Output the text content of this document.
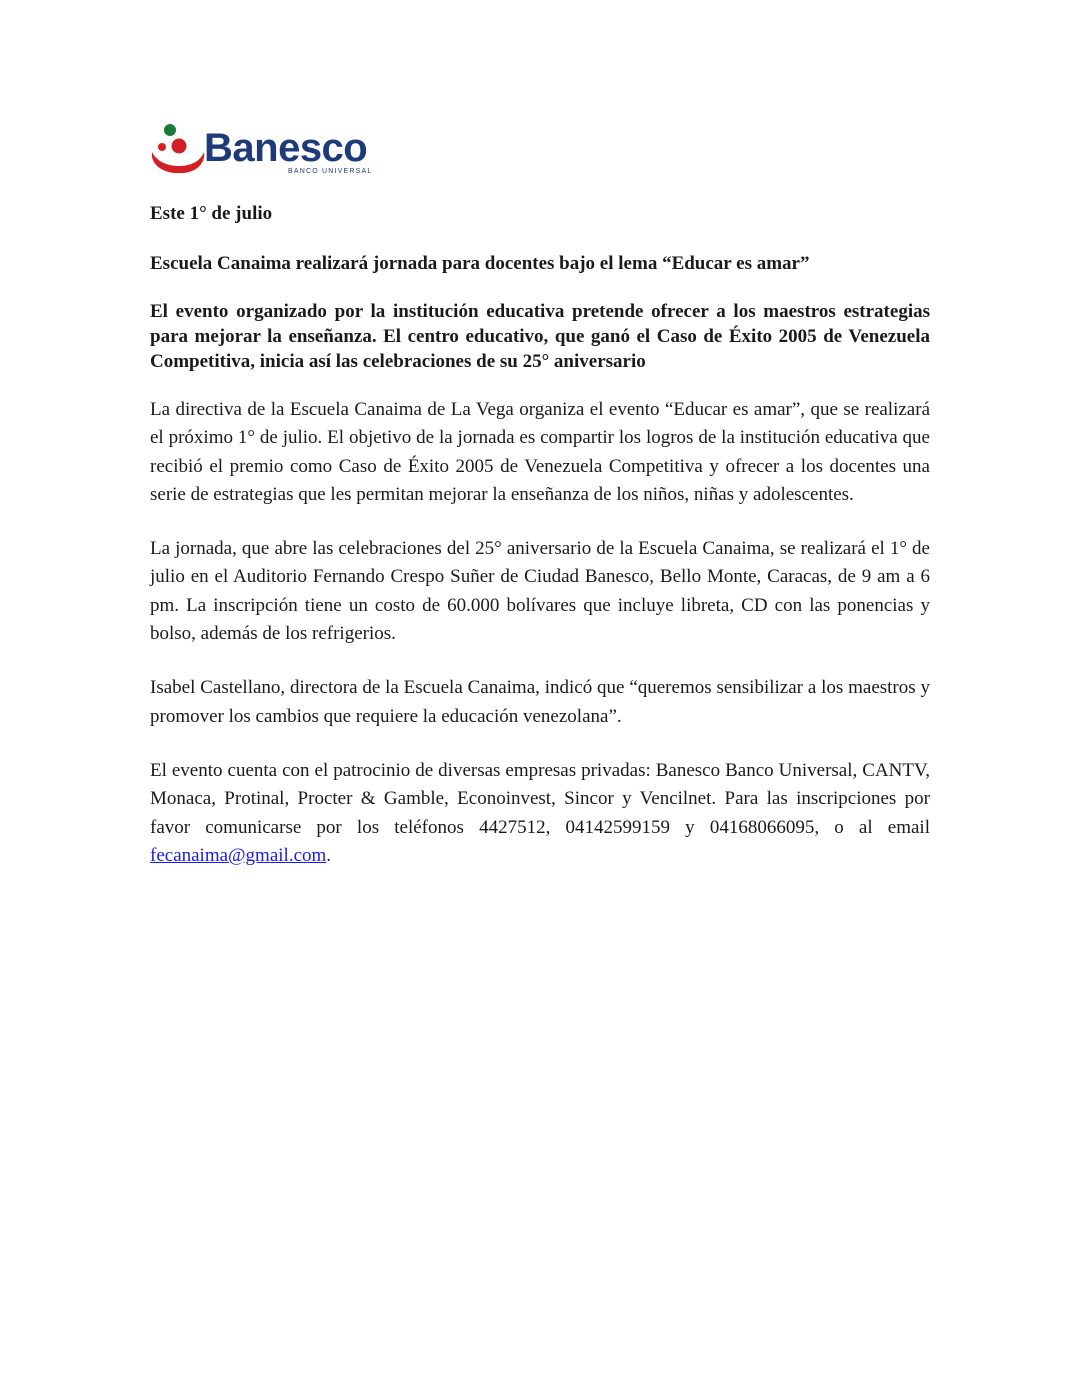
Banesco
BANCO UNIVERSAL
Este 1° de julio
Escuela Canaima realizará jornada para docentes bajo el lema “Educar es amar”
El evento organizado por la institución educativa pretende ofrecer a los maestros estrategias para mejorar la enseñanza. El centro educativo, que ganó el Caso de Éxito 2005 de Venezuela Competitiva, inicia así las celebraciones de su 25° aniversario
La directiva de la Escuela Canaima de La Vega organiza el evento “Educar es amar”, que se realizará el próximo 1° de julio. El objetivo de la jornada es compartir los logros de la institución educativa que recibió el premio como Caso de Éxito 2005 de Venezuela Competitiva y ofrecer a los docentes una serie de estrategias que les permitan mejorar la enseñanza de los niños, niñas y adolescentes.
La jornada, que abre las celebraciones del 25° aniversario de la Escuela Canaima, se realizará el 1° de julio en el Auditorio Fernando Crespo Suñer de Ciudad Banesco, Bello Monte, Caracas, de 9 am a 6 pm. La inscripción tiene un costo de 60.000 bolívares que incluye libreta, CD con las ponencias y bolso, además de los refrigerios.
Isabel Castellano, directora de la Escuela Canaima, indicó que “queremos sensibilizar a los maestros y promover los cambios que requiere la educación venezolana”.
El evento cuenta con el patrocinio de diversas empresas privadas: Banesco Banco Universal, CANTV, Monaca, Protinal, Procter & Gamble, Econoinvest, Sincor y Vencilnet. Para las inscripciones por favor comunicarse por los teléfonos 4427512, 04142599159 y 04168066095, o al email fecanaima@gmail.com.
